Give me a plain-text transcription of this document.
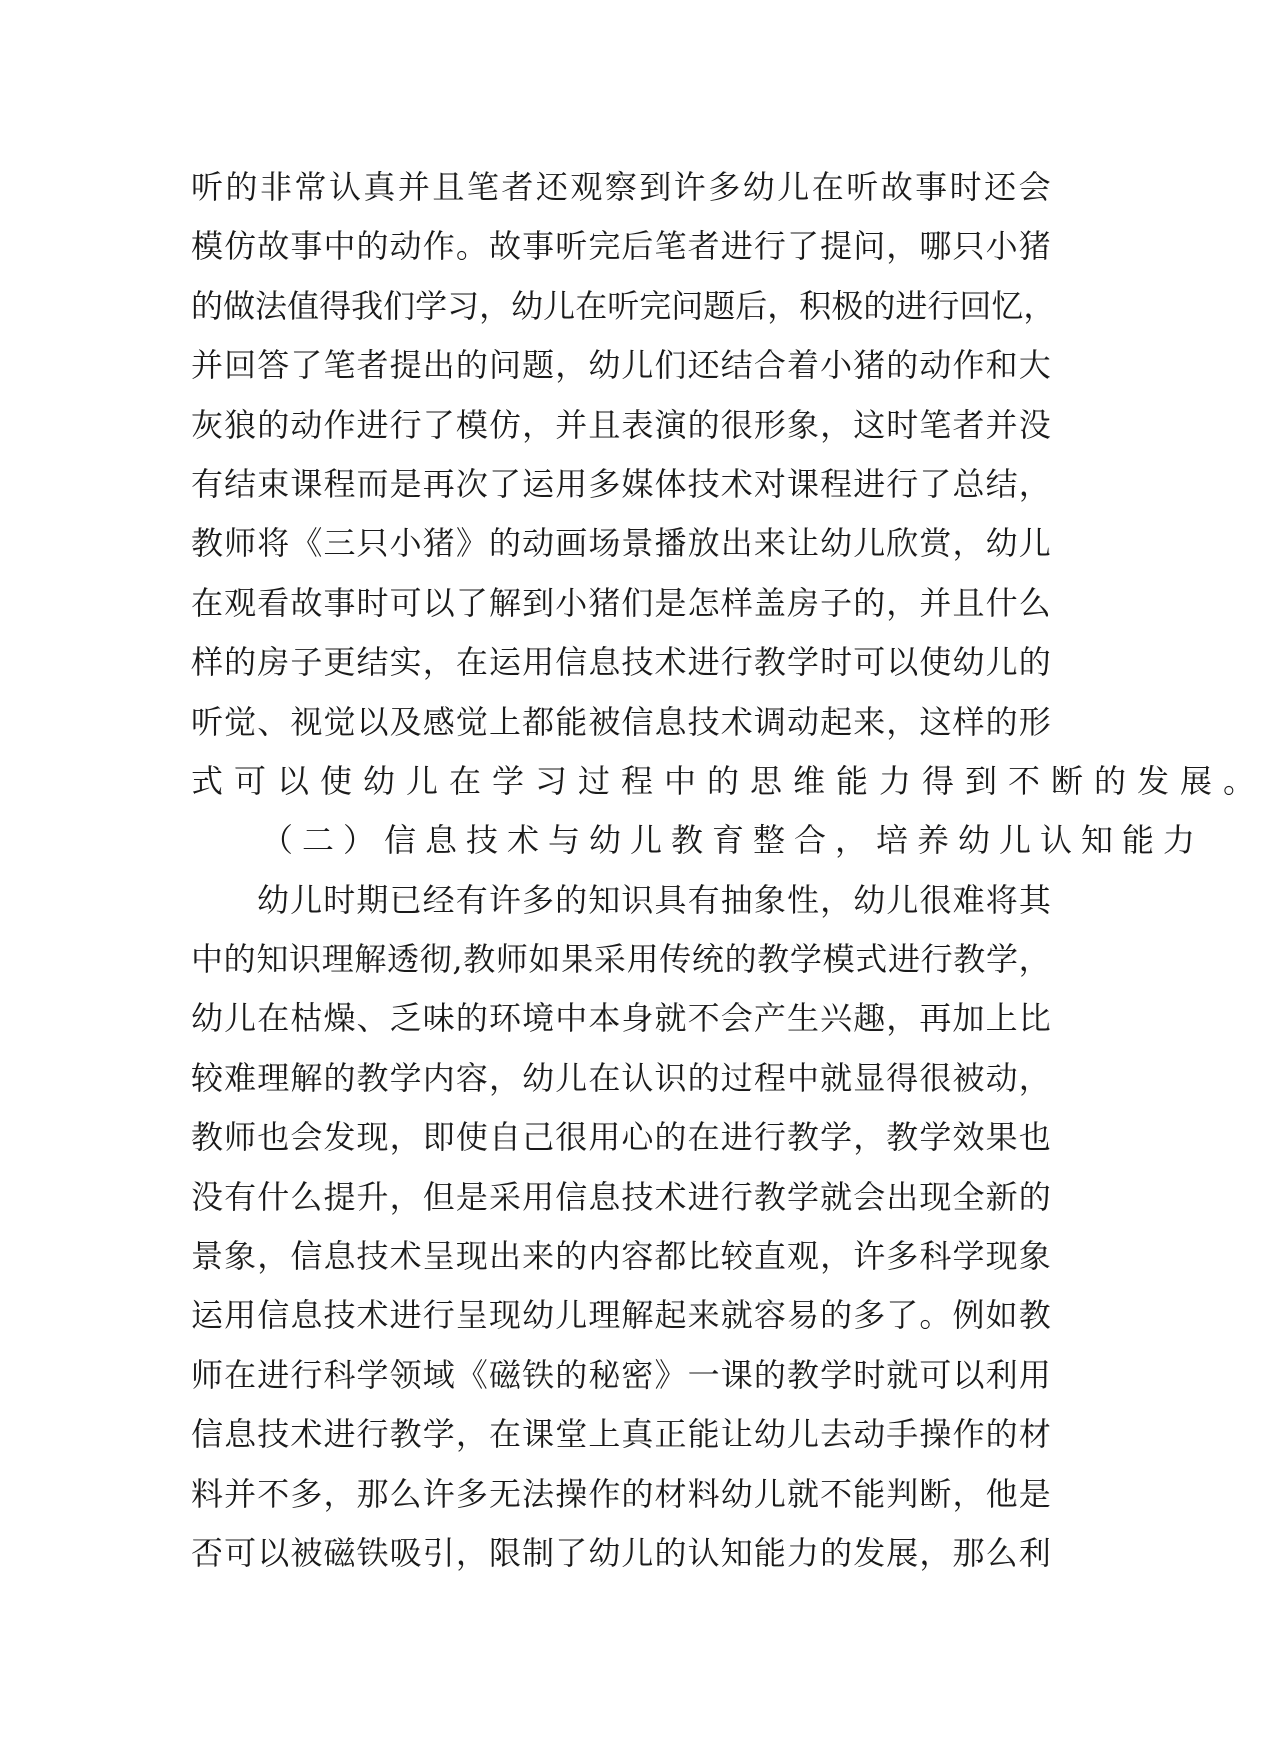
听 的 非 常 认 真 并 且 笔 者 还 观 察 到 许 多 幼 儿 在 听 故 事 时 还 会
模 仿 故 事 中 的 动 作 。 故 事 听 完 后 笔 者 进 行 了 提 问 ， 哪 只 小 猪
的 做 法 值 得 我 们 学 习 ， 幼 儿 在 听 完 问 题 后 ， 积 极 的 进 行 回 忆 ，
并 回 答 了 笔 者 提 出 的 问 题 ， 幼 儿 们 还 结 合 着 小 猪 的 动 作 和 大
灰 狼 的 动 作 进 行 了 模 仿 ， 并 且 表 演 的 很 形 象 ， 这 时 笔 者 并 没
有 结 束 课 程 而 是 再 次 了 运 用 多 媒 体 技 术 对 课 程 进 行 了 总 结 ，
教 师 将 《 三 只 小 猪 》 的 动 画 场 景 播 放 出 来 让 幼 儿 欣 赏 ， 幼 儿
在 观 看 故 事 时 可 以 了 解 到 小 猪 们 是 怎 样 盖 房 子 的 ， 并 且 什 么
样 的 房 子 更 结 实 ， 在 运 用 信 息 技 术 进 行 教 学 时 可 以 使 幼 儿 的
听 觉 、 视 觉 以 及 感 觉 上 都 能 被 信 息 技 术 调 动 起 来 ， 这 样 的 形
式可以使幼儿在学习过程中的思维能力得到不断的发展。
（二）信息技术与幼儿教育整合，培养幼儿认知能力
幼 儿 时 期 已 经 有 许 多 的 知 识 具 有 抽 象 性 ， 幼 儿 很 难 将 其
中 的 知 识 理 解 透 彻 , 教 师 如 果 采 用 传 统 的 教 学 模 式 进 行 教 学 ，
幼 儿 在 枯 燥 、 乏 味 的 环 境 中 本 身 就 不 会 产 生 兴 趣 ， 再 加 上 比
较 难 理 解 的 教 学 内 容 ， 幼 儿 在 认 识 的 过 程 中 就 显 得 很 被 动 ，
教 师 也 会 发 现 ， 即 使 自 己 很 用 心 的 在 进 行 教 学 ， 教 学 效 果 也
没 有 什 么 提 升 ， 但 是 采 用 信 息 技 术 进 行 教 学 就 会 出 现 全 新 的
景 象 ， 信 息 技 术 呈 现 出 来 的 内 容 都 比 较 直 观 ， 许 多 科 学 现 象
运 用 信 息 技 术 进 行 呈 现 幼 儿 理 解 起 来 就 容 易 的 多 了 。 例 如 教
师 在 进 行 科 学 领 域 《 磁 铁 的 秘 密 》 一 课 的 教 学 时 就 可 以 利 用
信 息 技 术 进 行 教 学 ， 在 课 堂 上 真 正 能 让 幼 儿 去 动 手 操 作 的 材
料 并 不 多 ， 那 么 许 多 无 法 操 作 的 材 料 幼 儿 就 不 能 判 断 ， 他 是
否 可 以 被 磁 铁 吸 引 ， 限 制 了 幼 儿 的 认 知 能 力 的 发 展 ， 那 么 利
